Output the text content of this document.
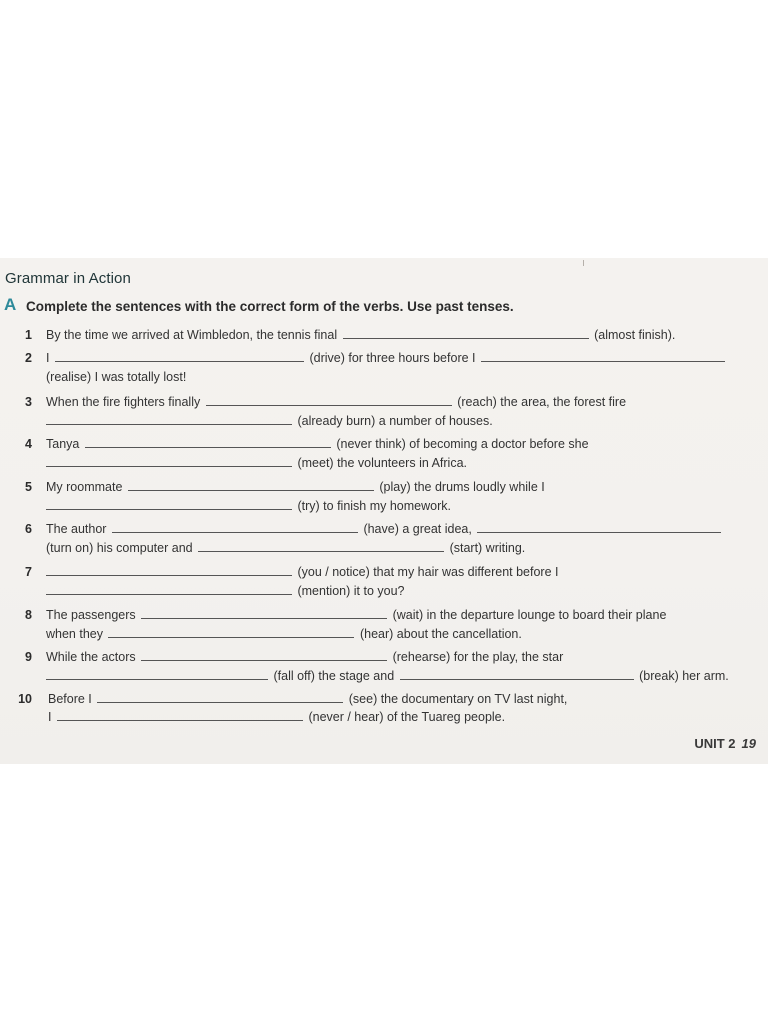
Grammar in Action
A Complete the sentences with the correct form of the verbs. Use past tenses.
1 By the time we arrived at Wimbledon, the tennis final	(almost finish).
2 I	(drive) for three hours before I
(realise) I was totally lost!
3 When the fire fighters finally	(reach) the area, the forest fire
(already burn) a number of houses.
4 Tanya	(never think) of becoming a doctor before she
(meet) the volunteers in Africa.
5 My roommate	(play) the drums loudly while I
(try) to finish my homework.
6 The author	(have) a great idea,
(turn on) his computer and	(start) writing.
7	(you / notice) that my hair was different before I
(mention) it to you?
8 The passengers	(wait) in the departure lounge to board their plane
when they	(hear) about the cancellation.
9 While the actors	(rehearse) for the play, the star
(fall off) the stage and	(break) her arm.
10 Before I	(see) the documentary on TV last night,
I	(never / hear) of the Tuareg people.
UNIT 2 19
